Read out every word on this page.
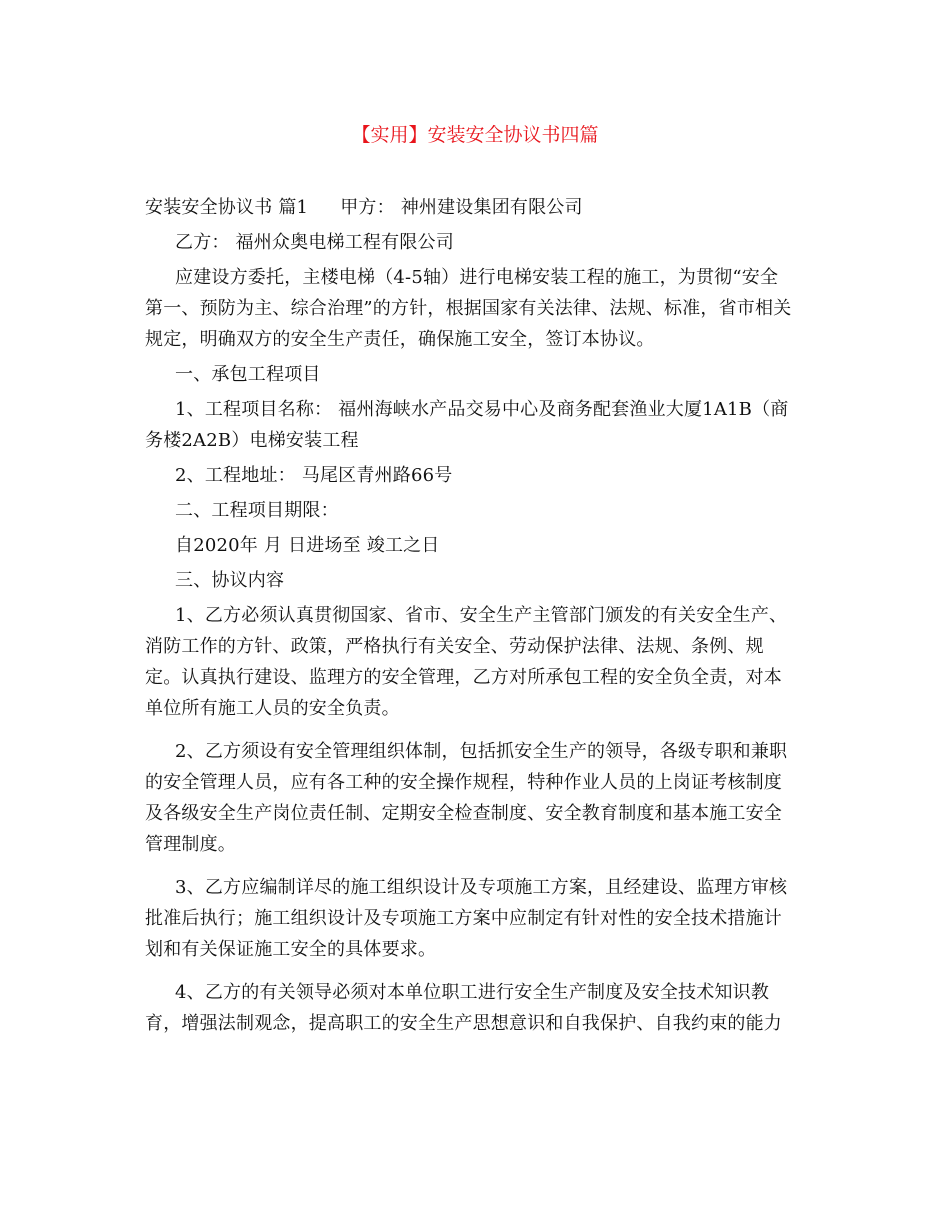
【实用】安装安全协议书四篇

安装安全协议书 篇1 甲方： 神州建设集团有限公司

乙方： 福州众奥电梯工程有限公司

应建设方委托，主楼电梯（4-5轴）进行电梯安装工程的施工，为贯彻“安全

第一、预防为主、综合治理”的方针，根据国家有关法律、法规、标准，省市相关

规定，明确双方的安全生产责任，确保施工安全，签订本协议。

一、承包工程项目

1、工程项目名称： 福州海峡水产品交易中心及商务配套渔业大厦1A1B（商

务楼2A2B）电梯安装工程

2、工程地址： 马尾区青州路66号

二、工程项目期限：

自2020年 月 日进场至 竣工之日

三、协议内容

1、乙方必须认真贯彻国家、省市、安全生产主管部门颁发的有关安全生产、

消防工作的方针、政策，严格执行有关安全、劳动保护法律、法规、条例、规

定。认真执行建设、监理方的安全管理，乙方对所承包工程的安全负全责，对本

单位所有施工人员的安全负责。

2、乙方须设有安全管理组织体制，包括抓安全生产的领导，各级专职和兼职

的安全管理人员，应有各工种的安全操作规程，特种作业人员的上岗证考核制度

及各级安全生产岗位责任制、定期安全检查制度、安全教育制度和基本施工安全

管理制度。

3、乙方应编制详尽的施工组织设计及专项施工方案，且经建设、监理方审核

批准后执行；施工组织设计及专项施工方案中应制定有针对性的安全技术措施计

划和有关保证施工安全的具体要求。

4、乙方的有关领导必须对本单位职工进行安全生产制度及安全技术知识教

育，增强法制观念，提高职工的安全生产思想意识和自我保护、自我约束的能力
